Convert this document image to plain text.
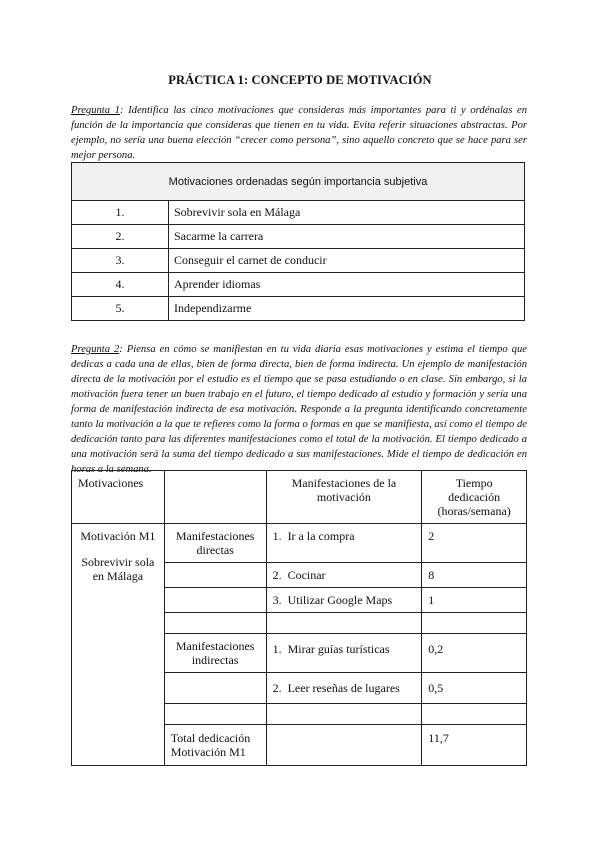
PRÁCTICA 1: CONCEPTO DE MOTIVACIÓN
Pregunta 1: Identifica las cinco motivaciones que consideras más importantes para ti y ordénalas en función de la importancia que consideras que tienen en tu vida. Evita referir situaciones abstractas. Por ejemplo, no sería una buena elección “crecer como persona”, sino aquello concreto que se hace para ser mejor persona.
Motivaciones ordenadas según importancia subjetiva	
1.	Sobrevivir sola en Málaga
2.	Sacarme la carrera
3.	Conseguir el carnet de conducir
4.	Aprender idiomas
5.	Independizarme
Pregunta 2: Piensa en cómo se manifiestan en tu vida diaria esas motivaciones y estima el tiempo que dedicas a cada una de ellas, bien de forma directa, bien de forma indirecta. Un ejemplo de manifestación directa de la motivación por el estudio es el tiempo que se pasa estudiando o en clase. Sin embargo, si la motivación fuera tener un buen trabajo en el futuro, el tiempo dedicado al estudio y formación y sería una forma de manifestación indirecta de esa motivación. Responde a la pregunta identificando concretamente tanto la motivación a la que te refieres como la forma o formas en que se manifiesta, así como el tiempo de dedicación tanto para las diferentes manifestaciones como el total de la motivación. El tiempo dedicado a una motivación será la suma del tiempo dedicado a sus manifestaciones. Mide el tiempo de dedicación en horas a la semana.
Motivaciones		Manifestaciones de la motivación	Tiempo dedicación (horas/semana)

Motivación M1
Sobrevivir sola en Málaga	Manifestaciones directas	1. Ir a la compra	2
		2. Cocinar	8
		3. Utilizar Google Maps	1

	Manifestaciones indirectas	1. Mirar guías turísticas	0,2
		2. Leer reseñas de lugares	0,5

	Total dedicación Motivación M1		11,7
